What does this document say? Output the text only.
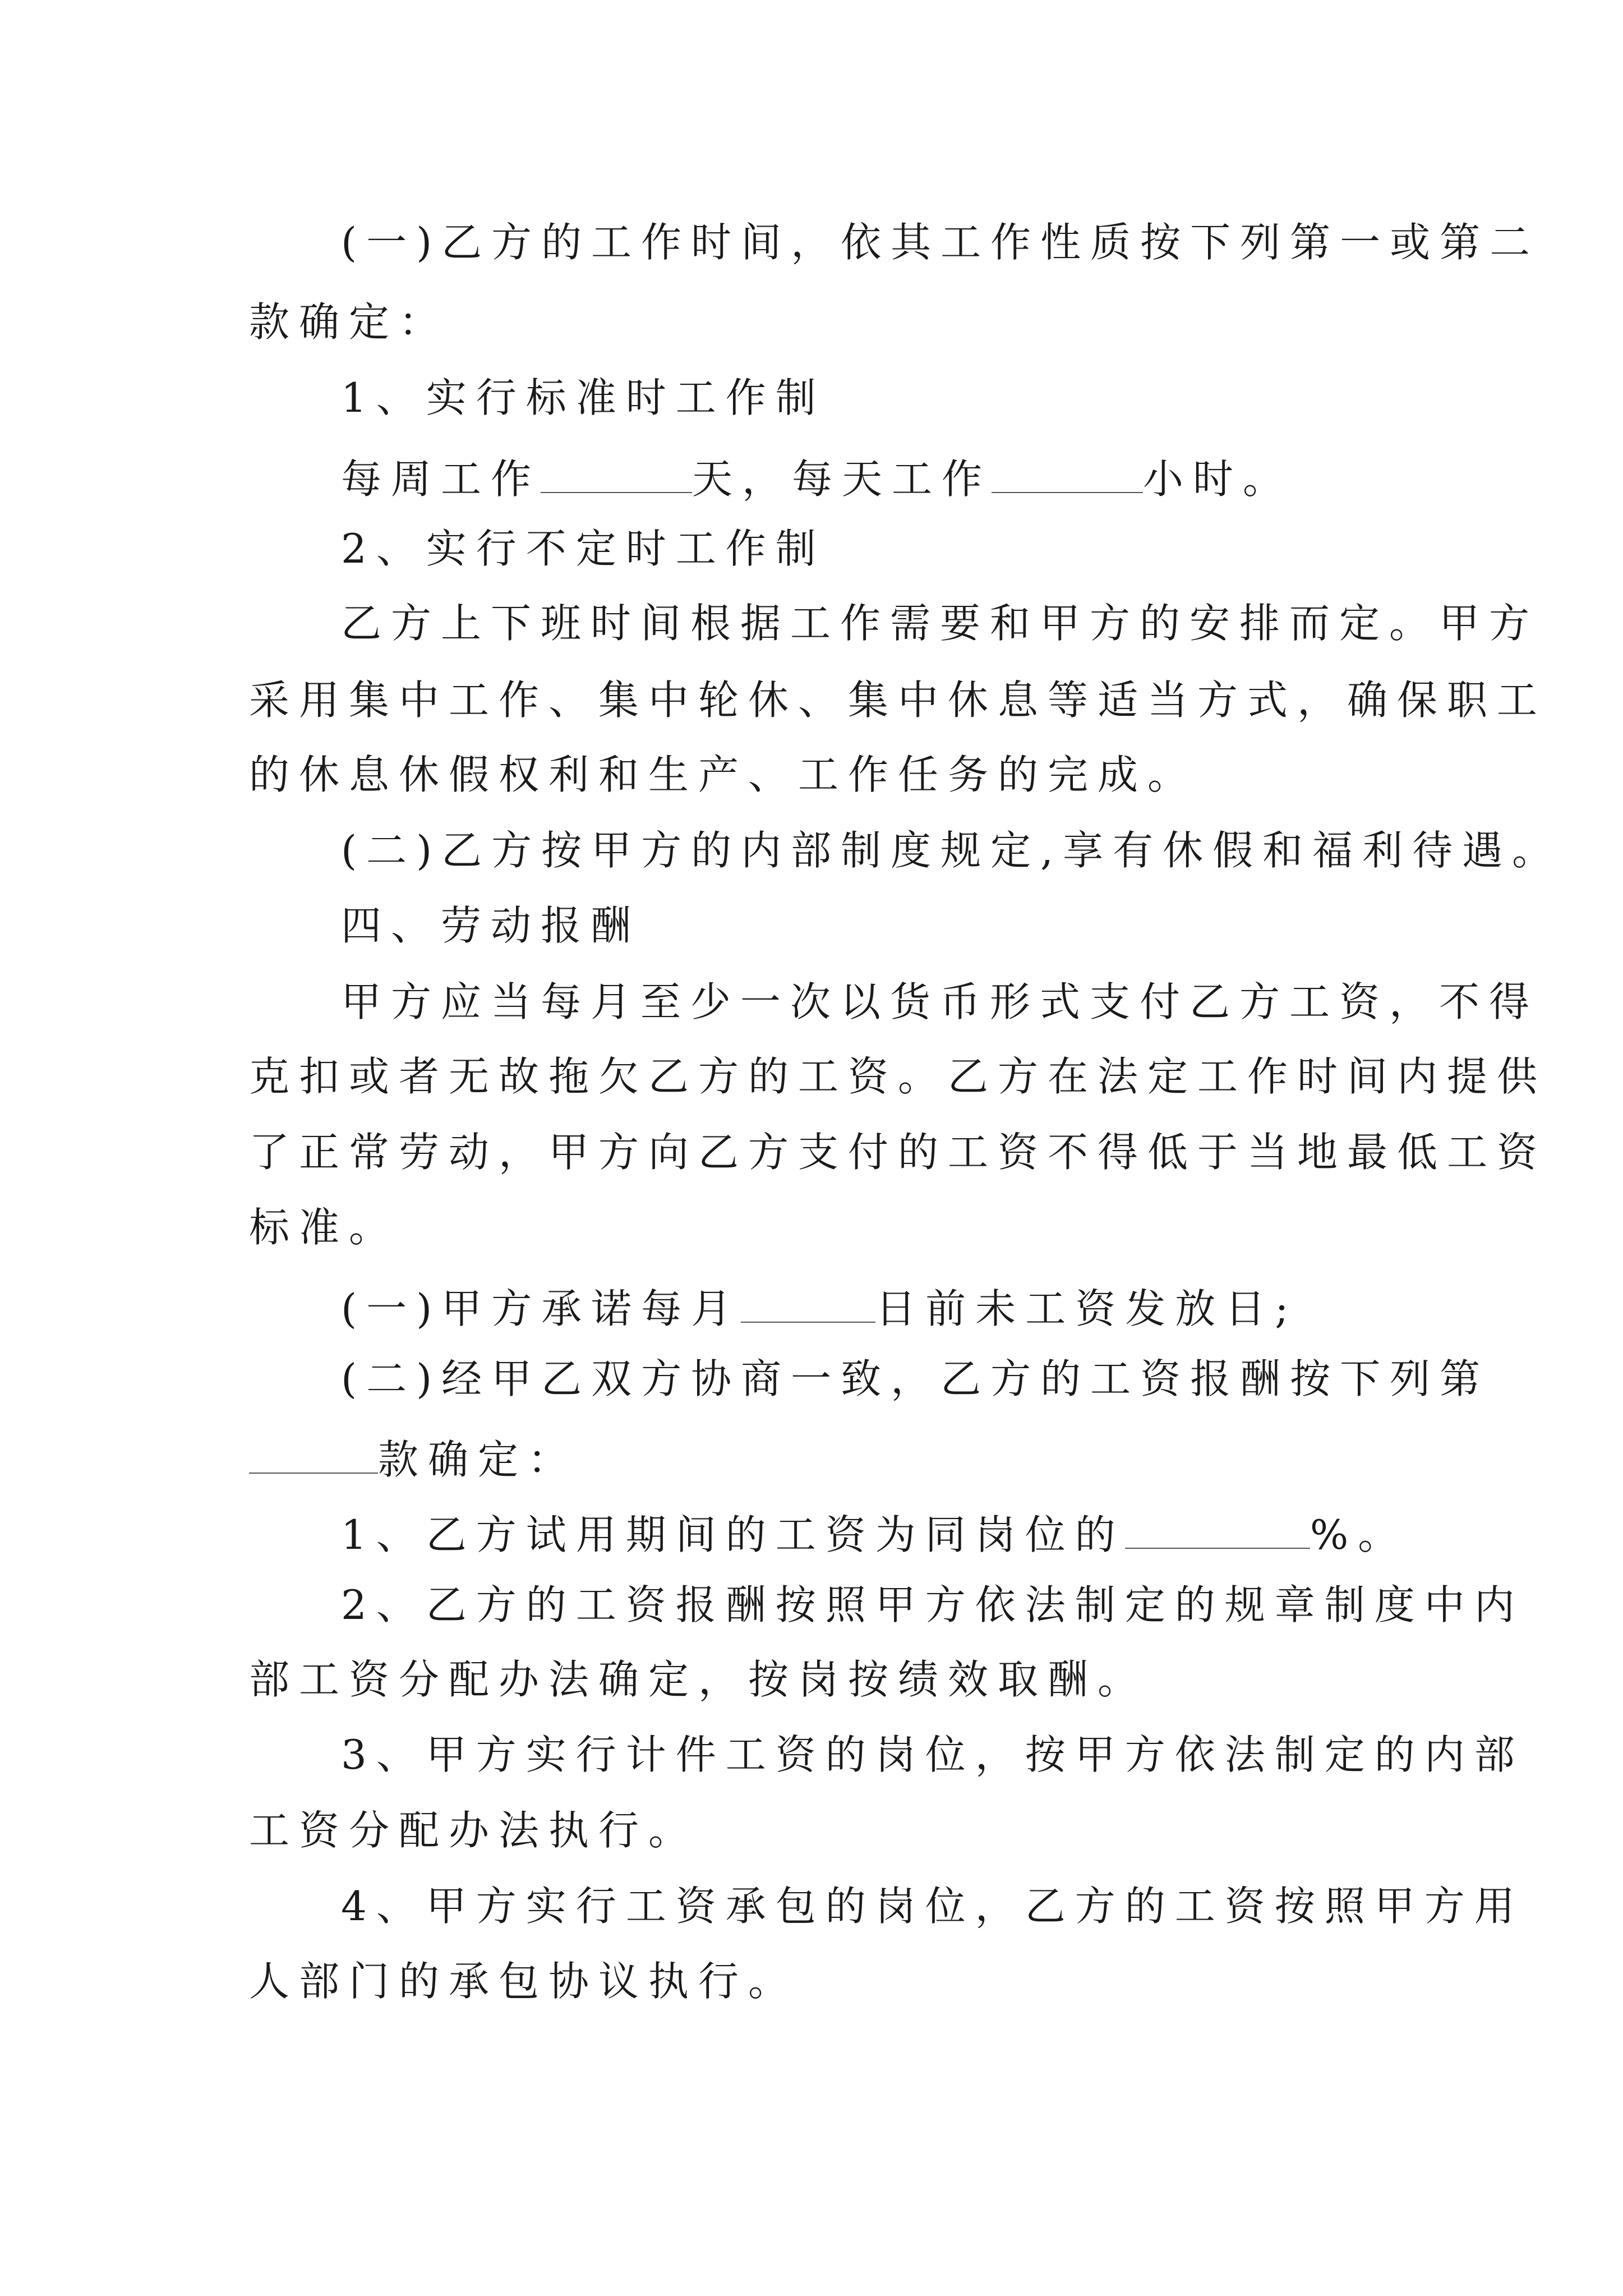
(一)乙方的工作时间，依其工作性质按下列第一或第二
款确定：
1、实行标准时工作制
每周工作	天，每天工作	小时。
2、实行不定时工作制
乙方上下班时间根据工作需要和甲方的安排而定。甲方
采用集中工作、集中轮休、集中休息等适当方式，确保职工
的休息休假权利和生产、工作任务的完成。
(二)乙方按甲方的内部制度规定,享有休假和福利待遇。
四、劳动报酬
甲方应当每月至少一次以货币形式支付乙方工资，不得
克扣或者无故拖欠乙方的工资。乙方在法定工作时间内提供
了正常劳动，甲方向乙方支付的工资不得低于当地最低工资
标准。
(一)甲方承诺每月	日前未工资发放日;
(二)经甲乙双方协商一致，乙方的工资报酬按下列第
款确定：
1、乙方试用期间的工资为同岗位的	%。
2、乙方的工资报酬按照甲方依法制定的规章制度中内
部工资分配办法确定，按岗按绩效取酬。
3、甲方实行计件工资的岗位，按甲方依法制定的内部
工资分配办法执行。
4、甲方实行工资承包的岗位，乙方的工资按照甲方用
人部门的承包协议执行。
